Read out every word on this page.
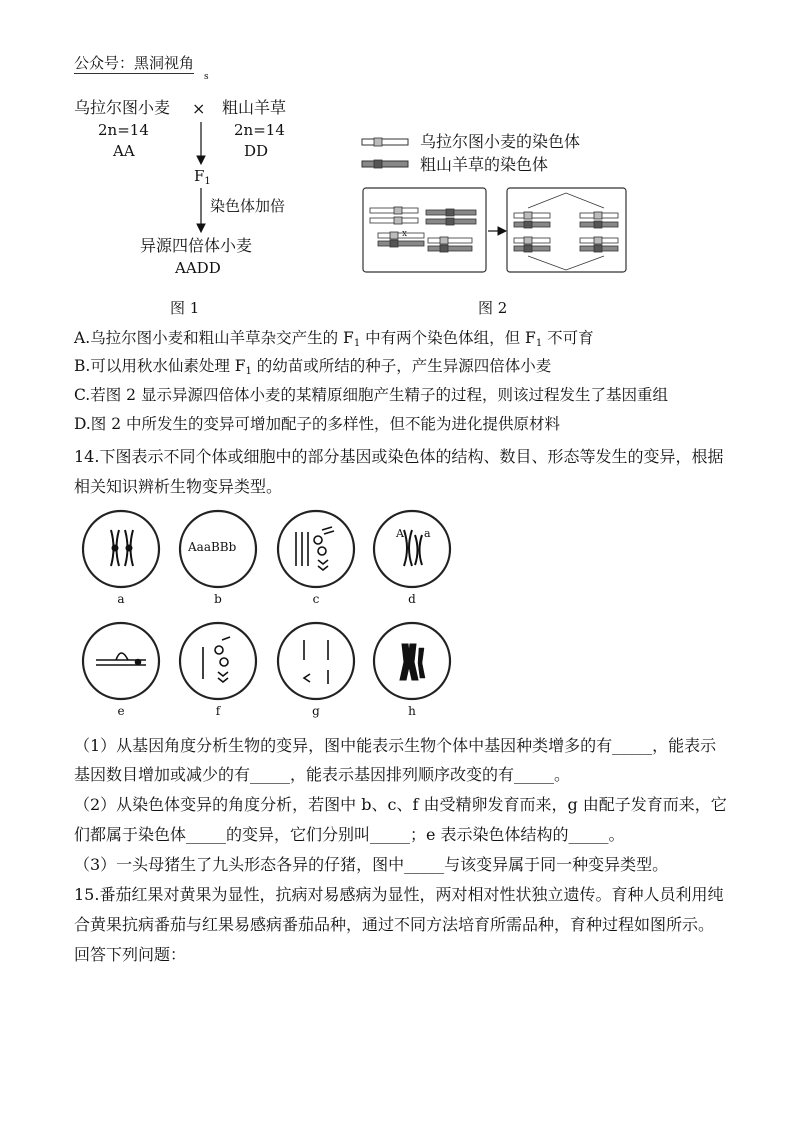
公众号：黑洞视角
s
乌拉尔图小麦 × 粗山羊草
2n=14	2n=14
AA	DD
$F_1$
染色体加倍
异源四倍体小麦
AADD
图 1
x
乌拉尔图小麦的染色体
粗山羊草的染色体
图 2
A.乌拉尔图小麦和粗山羊草杂交产生的 $F_1$ 中有两个染色体组，但 $F_1$ 不可育
B.可以用秋水仙素处理 $F_1$ 的幼苗或所结的种子，产生异源四倍体小麦
C.若图 2 显示异源四倍体小麦的某精原细胞产生精子的过程，则该过程发生了基因重组
D.图 2 中所发生的变异可增加配子的多样性，但不能为进化提供原材料
14.下图表示不同个体或细胞中的部分基因或染色体的结构、数目、形态等发生的变异，根据
相关知识辨析生物变异类型。
AaaBBb
A a
a	b	c	d
e	f	g	h
（1）从基因角度分析生物的变异，图中能表示生物个体中基因种类增多的有_____，能表示
基因数目增加或减少的有_____，能表示基因排列顺序改变的有_____。
（2）从染色体变异的角度分析，若图中 b、c、f 由受精卵发育而来，g 由配子发育而来，它
们都属于染色体_____的变异，它们分别叫_____；e 表示染色体结构的_____。
（3）一头母猪生了九头形态各异的仔猪，图中_____与该变异属于同一种变异类型。
15.番茄红果对黄果为显性，抗病对易感病为显性，两对相对性状独立遗传。育种人员利用纯
合黄果抗病番茄与红果易感病番茄品种，通过不同方法培育所需品种，育种过程如图所示。
回答下列问题：
